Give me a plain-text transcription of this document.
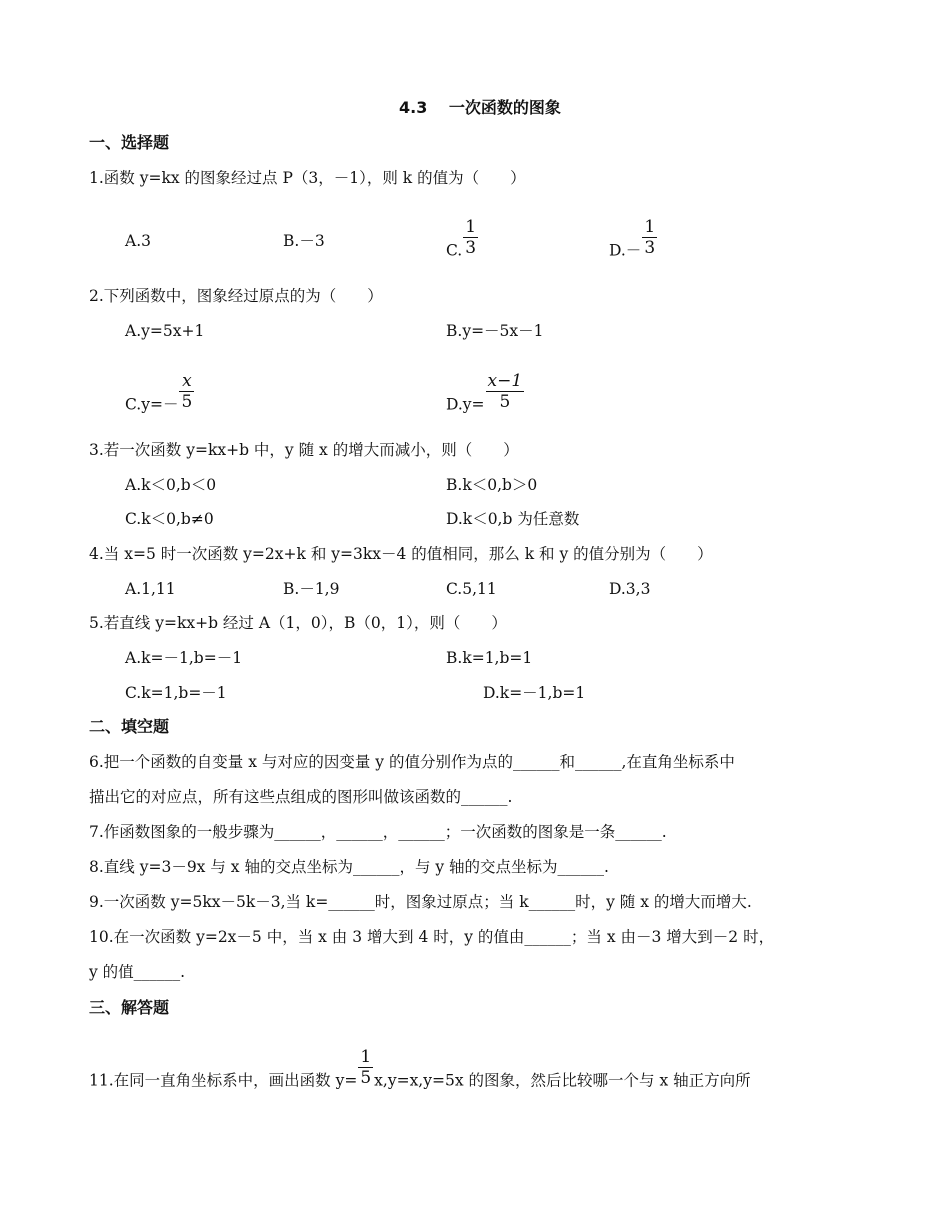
4.3　 一次函数的图象
一、选择题
1.函数 y=kx 的图象经过点 P（3，－1），则 k 的值为（　　）
A.3	B.－3
C. $\frac{1}{3}$	$D.- \frac{1}{3}$
2.下列函数中，图象经过原点的为（　　）
A.y=5x+1	B.y=－5x－1
$C.y=- \frac{x}{5}$	$D.y= \frac{x-1}{5}$
3.若一次函数 y=kx+b 中，y 随 x 的增大而减小，则（　　）
A.k＜0,b＜0	B.k＜0,b＞0
C.k＜0,b≠0	D.k＜0,b 为任意数
4.当 x=5 时一次函数 y=2x+k 和 y=3kx－4 的值相同，那么 k 和 y 的值分别为（　　）
A.1,11	B.－1,9	C.5,11	D.3,3
5.若直线 y=kx+b 经过 A（1，0），B（0，1），则（　　）
A.k=－1,b=－1	B.k=1,b=1
C.k=1,b=－1	D.k=－1,b=1
二、填空题
6.把一个函数的自变量 x 与对应的因变量 y 的值分别作为点的______和______,在直角坐标系中
描出它的对应点，所有这些点组成的图形叫做该函数的______.
7.作函数图象的一般步骤为______，______，______；一次函数的图象是一条______.
8.直线 y=3－9x 与 x 轴的交点坐标为______，与 y 轴的交点坐标为______.
9.一次函数 y=5kx－5k－3,当 k=______时，图象过原点；当 k______时，y 随 x 的增大而增大.
10.在一次函数 y=2x－5 中，当 x 由 3 增大到 4 时，y 的值由______；当 x 由－3 增大到－2 时，
y 的值______.
三、解答题
11.在同一直角坐标系中，画出函数 $y= \frac{1}{5} x,y=x,y=5x$ 的图象，然后比较哪一个与 x 轴正方向所
